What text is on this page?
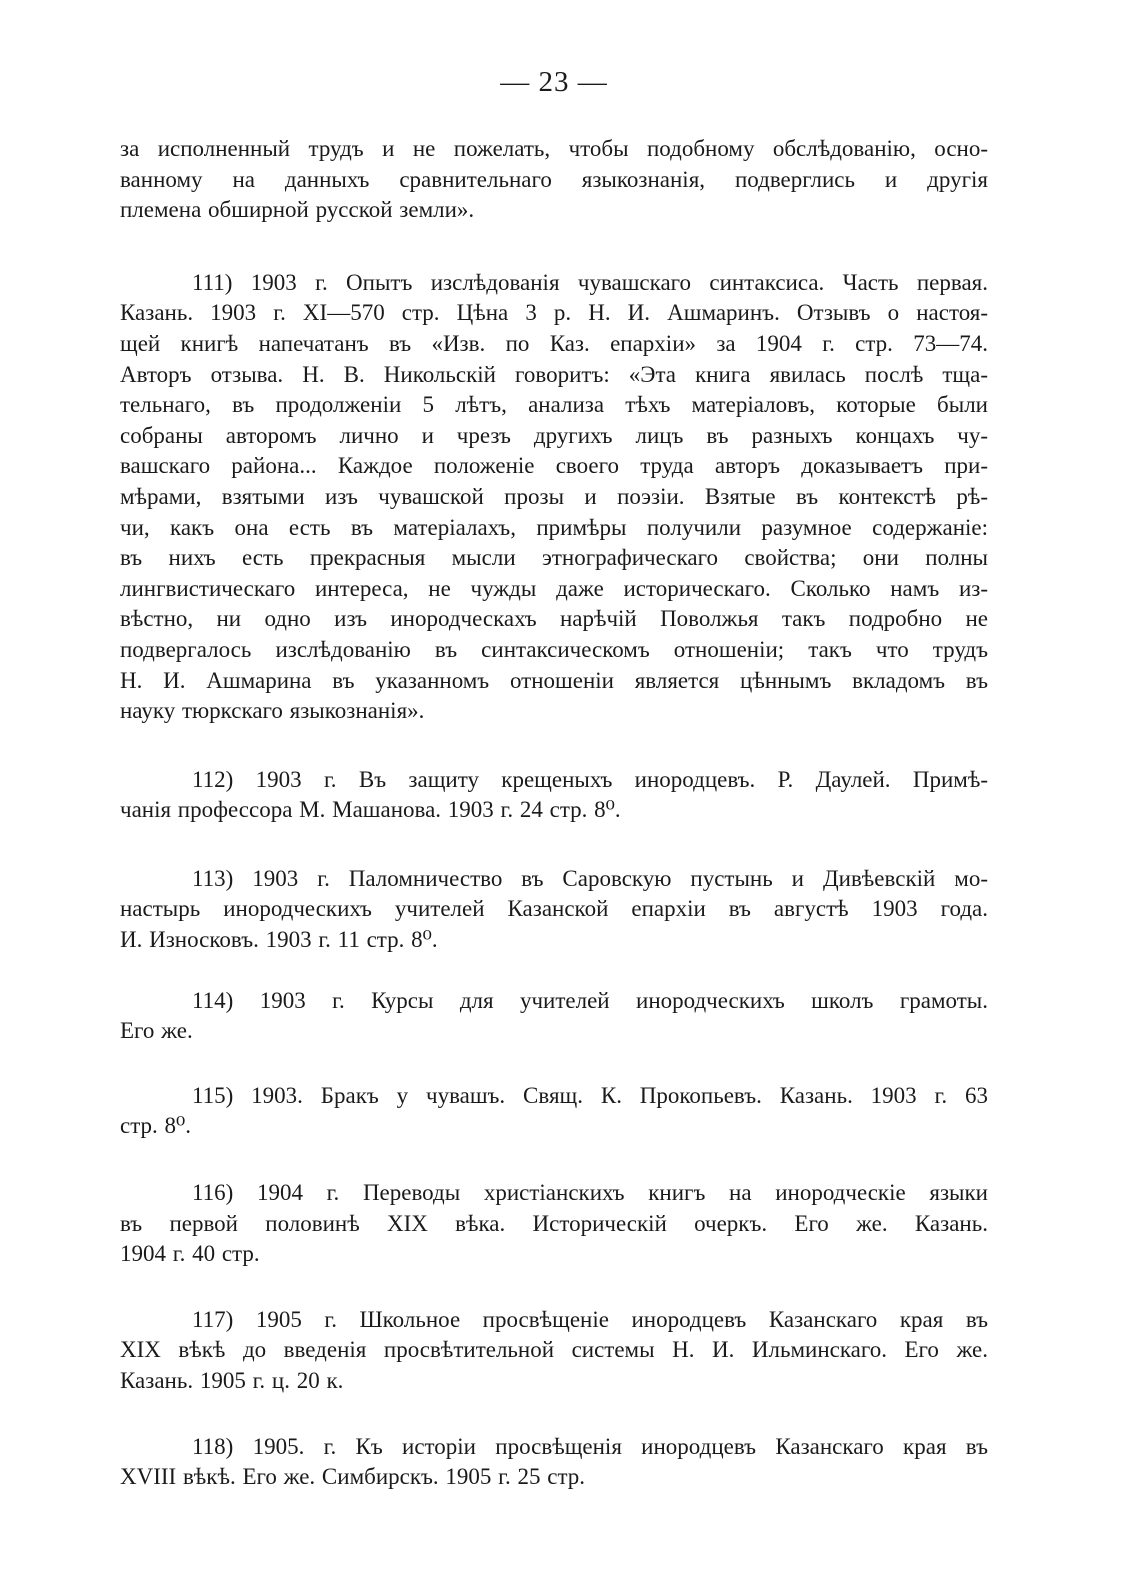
— 23 —

за исполненный трудъ и не пожелать, чтобы подобному обслѣдованію, осно-
ванному на данныхъ сравнительнаго языкознанія, подверглись и другія
племена обширной русской земли».

111) 1903 г. Опытъ изслѣдованія чувашскаго синтаксиса. Часть первая.
Казань. 1903 г. XI—570 стр. Цѣна 3 р. Н. И. Ашмаринъ. Отзывъ о настоя-
щей книгѣ напечатанъ въ «Изв. по Каз. епархіи» за 1904 г. стр. 73—74.
Авторъ отзыва. Н. В. Никольскій говоритъ: «Эта книга явилась послѣ тща-
тельнаго, въ продолженіи 5 лѣтъ, анализа тѣхъ матеріаловъ, которые были
собраны авторомъ лично и чрезъ другихъ лицъ въ разныхъ концахъ чу-
вашскаго района... Каждое положеніе своего труда авторъ доказываетъ при-
мѣрами, взятыми изъ чувашской прозы и поэзіи. Взятые въ контекстѣ рѣ-
чи, какъ она есть въ матеріалахъ, примѣры получили разумное содержаніе:
въ нихъ есть прекрасныя мысли этнографическаго свойства; они полны
лингвистическаго интереса, не чужды даже историческаго. Сколько намъ из-
вѣстно, ни одно изъ инородческахъ нарѣчій Поволжья такъ подробно не
подвергалось изслѣдованію въ синтаксическомъ отношеніи; такъ что трудъ
Н. И. Ашмарина въ указанномъ отношеніи является цѣннымъ вкладомъ въ
науку тюркскаго языкознанія».

112) 1903 г. Въ защиту крещеныхъ инородцевъ. Р. Даулей. Примѣ-
чанія профессора М. Машанова. 1903 г. 24 стр. 8⁰.

113) 1903 г. Паломничество въ Саровскую пустынь и Дивѣевскій мо-
настырь инородческихъ учителей Казанской епархіи въ августѣ 1903 года.
И. Износковъ. 1903 г. 11 стр. 8⁰.

114) 1903 г. Курсы для учителей инородческихъ школъ грамоты.
Его же.

115) 1903. Бракъ у чувашъ. Свящ. К. Прокопьевъ. Казань. 1903 г. 63
стр. 8⁰.

116) 1904 г. Переводы христіанскихъ книгъ на инородческіе языки
въ первой половинѣ XIX вѣка. Историческій очеркъ. Его же. Казань.
1904 г. 40 стр.

117) 1905 г. Школьное просвѣщеніе инородцевъ Казанскаго края въ
XIX вѣкѣ до введенія просвѣтительной системы Н. И. Ильминскаго. Его же.
Казань. 1905 г. ц. 20 к.

118) 1905. г. Къ исторіи просвѣщенія инородцевъ Казанскаго края въ
XVIII вѣкѣ. Его же. Симбирскъ. 1905 г. 25 стр.
